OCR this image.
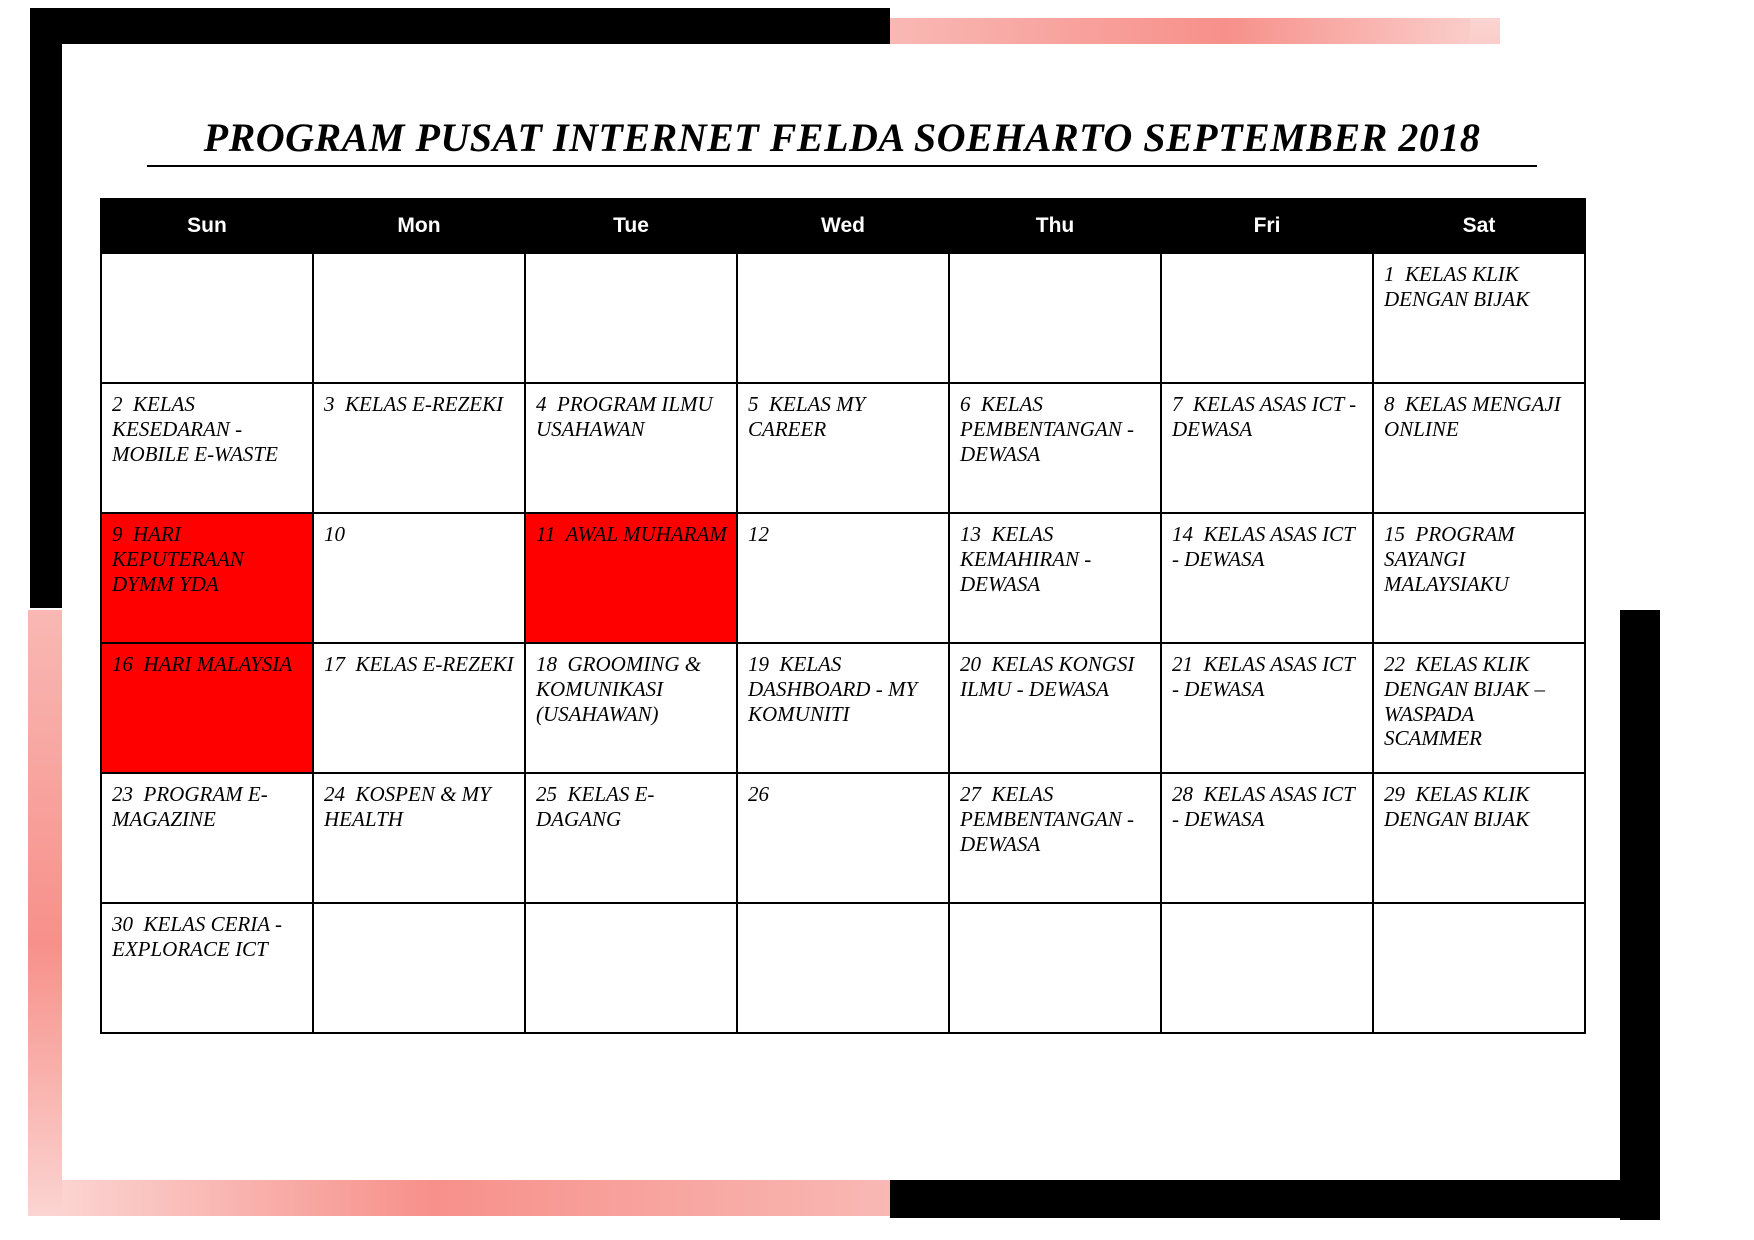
PROGRAM PUSAT INTERNET FELDA SOEHARTO SEPTEMBER 2018
Sun	Mon	Tue	Wed	Thu	Fri	Sat
						1  KELAS KLIK DENGAN BIJAK
2  KELAS KESEDARAN - MOBILE E-WASTE	3  KELAS E-REZEKI	4  PROGRAM ILMU USAHAWAN	5  KELAS MY CAREER	6  KELAS PEMBENTANGAN - DEWASA	7  KELAS ASAS ICT - DEWASA	8  KELAS MENGAJI ONLINE
9  HARI KEPUTERAAN DYMM YDA	10	11  AWAL MUHARAM	12	13  KELAS KEMAHIRAN - DEWASA	14  KELAS ASAS ICT - DEWASA	15  PROGRAM SAYANGI MALAYSIAKU
16  HARI MALAYSIA	17  KELAS E-REZEKI	18  GROOMING & KOMUNIKASI (USAHAWAN)	19  KELAS DASHBOARD - MY KOMUNITI	20  KELAS KONGSI ILMU - DEWASA	21  KELAS ASAS ICT - DEWASA	22  KELAS KLIK DENGAN BIJAK – WASPADA SCAMMER
23  PROGRAM E-MAGAZINE	24  KOSPEN & MY HEALTH	25  KELAS E-DAGANG	26	27  KELAS PEMBENTANGAN - DEWASA	28  KELAS ASAS ICT - DEWASA	29  KELAS KLIK DENGAN BIJAK
30  KELAS CERIA - EXPLORACE ICT						
